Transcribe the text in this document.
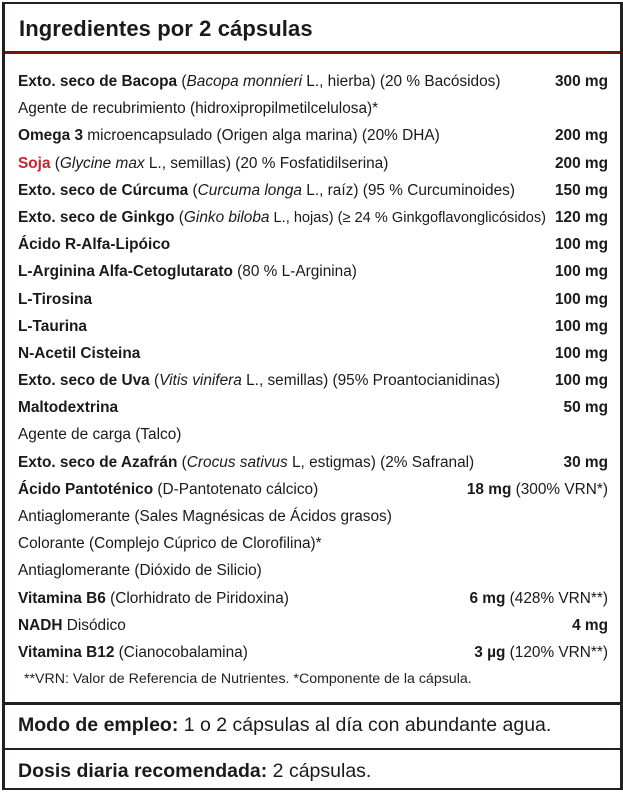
Ingredientes por 2 cápsulas
Exto. seco de Bacopa (Bacopa monnieri L., hierba) (20 % Bacósidos)	300 mg
Agente de recubrimiento (hidroxipropilmetilcelulosa)*
Omega 3 microencapsulado (Origen alga marina) (20% DHA)	200 mg
Soja (Glycine max L., semillas) (20 % Fosfatidilserina)	200 mg
Exto. seco de Cúrcuma (Curcuma longa L., raíz) (95 % Curcuminoides)	150 mg
Exto. seco de Ginkgo (Ginko biloba L., hojas) (≥ 24 % Ginkgoflavonglicósidos) 120 mg
Ácido R-Alfa-Lipóico	100 mg
L-Arginina Alfa-Cetoglutarato (80 % L-Arginina)	100 mg
L-Tirosina	100 mg
L-Taurina	100 mg
N-Acetil Cisteina	100 mg
Exto. seco de Uva (Vitis vinifera L., semillas) (95% Proantocianidinas)	100 mg
Maltodextrina	50 mg
Agente de carga (Talco)
Exto. seco de Azafrán (Crocus sativus L, estigmas) (2% Safranal)	30 mg
Ácido Pantoténico (D-Pantotenato cálcico)	18 mg (300% VRN*)
Antiaglomerante (Sales Magnésicas de Ácidos grasos)
Colorante (Complejo Cúprico de Clorofilina)*
Antiaglomerante (Dióxido de Silicio)
Vitamina B6 (Clorhidrato de Piridoxina)	6 mg (428% VRN**)
NADH Disódico	4 mg
Vitamina B12 (Cianocobalamina)	3 µg (120% VRN**)
**VRN: Valor de Referencia de Nutrientes. *Componente de la cápsula.
Modo de empleo: 1 o 2 cápsulas al día con abundante agua.
Dosis diaria recomendada: 2 cápsulas.
